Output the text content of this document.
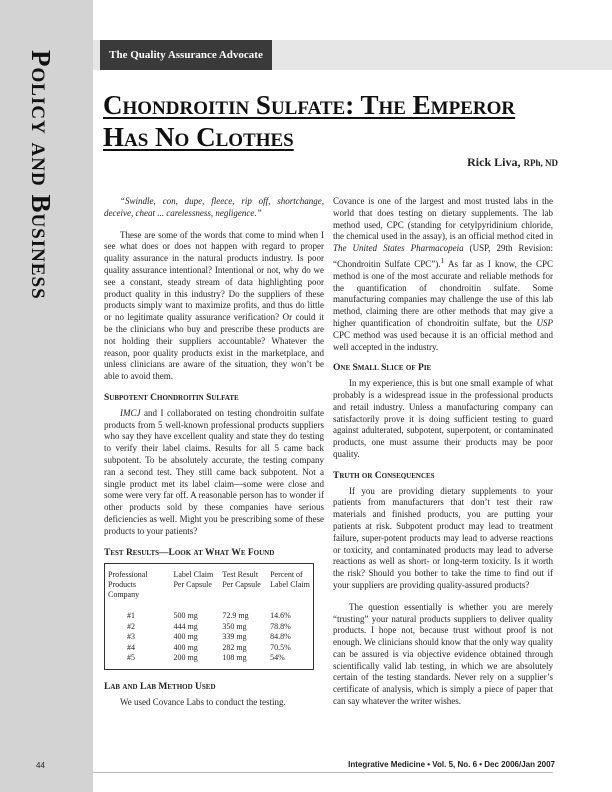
Policy and Business	The Quality Assurance Advocate
Chondroitin Sulfate: The Emperor Has No Clothes
Rick Liva, RPh, ND

“Swindle, con, dupe, fleece, rip off, shortchange, deceive, cheat ... carelessness, negligence.”

These are some of the words that come to mind when I see what does or does not happen with regard to proper quality assurance in the natural products industry. Is poor quality assurance intentional? Intentional or not, why do we see a constant, steady stream of data highlighting poor product quality in this industry? Do the suppliers of these products simply want to maximize profits, and thus do little or no legitimate quality assurance verification? Or could it be the clinicians who buy and prescribe these products are not holding their suppliers accountable? Whatever the reason, poor quality products exist in the marketplace, and unless clinicians are aware of the situation, they won’t be able to avoid them.

Subpotent Chondroitin Sulfate

IMCJ and I collaborated on testing chondroitin sulfate products from 5 well-known professional products suppliers who say they have excellent quality and state they do testing to verify their label claims. Results for all 5 came back subpotent. To be absolutely accurate, the testing company ran a second test. They still came back subpotent. Not a single product met its label claim—some were close and some were very far off. A reasonable person has to wonder if other products sold by these companies have serious deficiencies as well. Might you be prescribing some of these products to your patients?

Test Results—Look at What We Found
Professional Products Company	Label Claim Per Capsule	Test Result Per Capsule	Percent of Label Claim
#1	500 mg	72.9 mg	14.6%
#2	444 mg	350 mg	78.8%
#3	400 mg	339 mg	84.8%
#4	400 mg	282 mg	70.5%
#5	200 mg	108 mg	54%
Lab and Lab Method Used

We used Covance Labs to conduct the testing.

Covance is one of the largest and most trusted labs in the world that does testing on dietary supplements. The lab method used, CPC (standing for cetylpyridinium chloride, the chemical used in the assay), is an official method cited in The United States Pharmacopeia (USP, 29th Revision: “Chondroitin Sulfate CPC”).$^1$ As far as I know, the CPC method is one of the most accurate and reliable methods for the quantification of chondroitin sulfate. Some manufacturing companies may challenge the use of this lab method, claiming there are other methods that may give a higher quantification of chondroitin sulfate, but the USP CPC method was used because it is an official method and well accepted in the industry.

One Small Slice of Pie

In my experience, this is but one small example of what probably is a widespread issue in the professional products and retail industry. Unless a manufacturing company can satisfactorily prove it is doing sufficient testing to guard against adulterated, subpotent, superpotent, or contaminated products, one must assume their products may be poor quality.

Truth or Consequences

If you are providing dietary supplements to your patients from manufacturers that don’t test their raw materials and finished products, you are putting your patients at risk. Subpotent product may lead to treatment failure, super-potent products may lead to adverse reactions or toxicity, and contaminated products may lead to adverse reactions as well as short- or long-term toxicity. Is it worth the risk? Should you bother to take the time to find out if your suppliers are providing quality-assured products?

The question essentially is whether you are merely “trusting” your natural products suppliers to deliver quality products. I hope not, because trust without proof is not enough. We clinicians should know that the only way quality can be assured is via objective evidence obtained through scientifically valid lab testing, in which we are absolutely certain of the testing standards. Never rely on a supplier’s certificate of analysis, which is simply a piece of paper that can say whatever the writer wishes.

44	Integrative Medicine • Vol. 5, No. 6 • Dec 2006/Jan 2007
